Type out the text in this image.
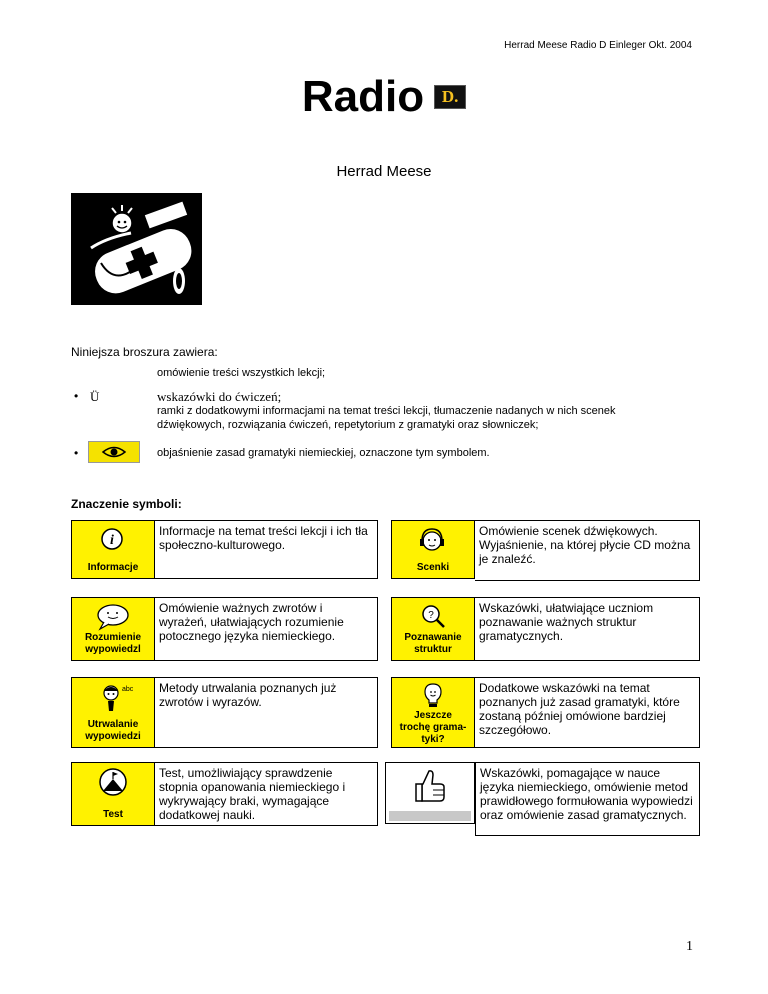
Herrad Meese Radio D Einleger Okt. 2004
Radio D.
Herrad Meese
Niniejsza broszura zawiera:
omówienie treści wszystkich lekcji;
• Ü	wskazówki do ćwiczeń;
ramki z dodatkowymi informacjami na temat treści lekcji, tłumaczenie nadanych w nich scenek dźwiękowych, rozwiązania ćwiczeń, repetytorium z gramatyki oraz słowniczek;
•	objaśnienie zasad gramatyki niemieckiej, oznaczone tym symbolem.
Znaczenie symboli:
i
Informacje
Informacje na temat treści lekcji i ich tła społeczno-kulturowego.
Scenki
Omówienie scenek dźwiękowych. Wyjaśnienie, na której płycie CD można je znaleźć.
Rozumienie
wypowiedzl
Omówienie ważnych zwrotów i wyrażeń, ułatwiających rozumienie potocznego języka niemieckiego.
?
Poznawanie
struktur
Wskazówki, ułatwiające uczniom poznawanie ważnych struktur gramatycznych.
abc
Utrwalanie
wypowiedzi
Metody utrwalania poznanych już zwrotów i wyrazów.
Jeszcze
trochę grama-
tyki?
Dodatkowe wskazówki na temat poznanych już zasad gramatyki, które zostaną później omówione bardziej szczegółowo.
Test
Test, umożliwiający sprawdzenie stopnia opanowania niemieckiego i wykrywający braki, wymagające dodatkowej nauki.
Wskazówki, pomagające w nauce języka niemieckiego, omówienie metod prawidłowego formułowania wypowiedzi oraz omówienie zasad gramatycznych.
1
